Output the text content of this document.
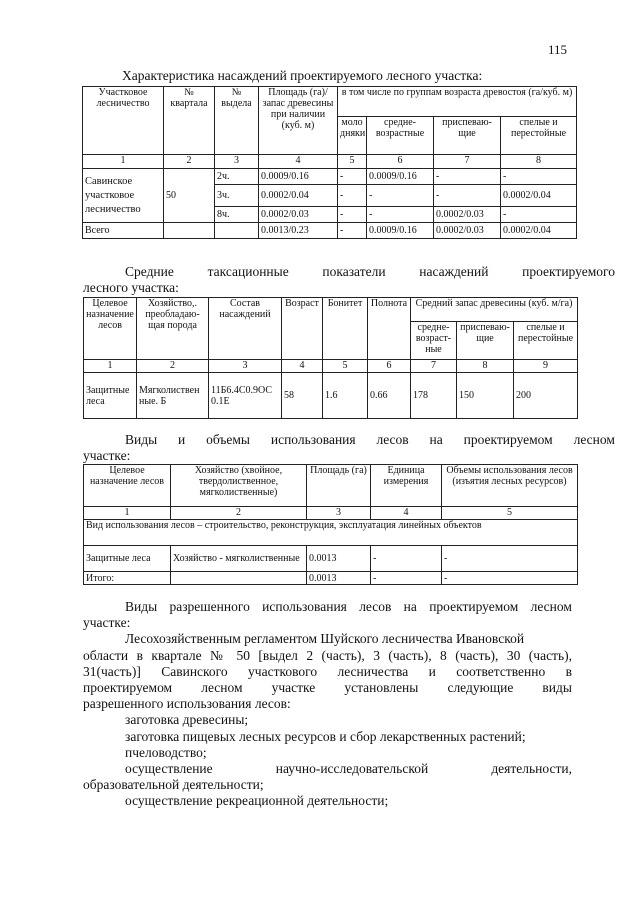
115
Характеристика насаждений проектируемого лесного участка:
Участковое лесничество	№ квартала	№ выдела	Площадь (га)/ запас древесины при наличии (куб. м)	в том числе по группам возраста древостоя (га/куб. м)			
				моло дняки	средне-возрастные	приспеваю-щие	спелые и перестойные
1	2	3	4	5	6	7	8
Савинское участковое лесничество	50	2ч.	0.0009/0.16	-	0.0009/0.16	-	-
		3ч.	0.0002/0.04	-	-	-	0.0002/0.04
		8ч.	0.0002/0.03	-	-	0.0002/0.03	-
Всего			0.0013/0.23	-	0.0009/0.16	0.0002/0.03	0.0002/0.04
Средние таксационные показатели насаждений проектируемого
лесного участка:
Целевое назначение лесов	Хозяйство,. преобладаю-щая порода	Состав насаждений	Возраст	Бонитет	Полнота	Средний запас древесины (куб. м/га)		
						средне-возраст-ные	приспеваю-щие	спелые и перестойные
1	2	3	4	5	6	7	8	9
Защитные леса	Мягколиствен ные. Б	11Б6.4С0.9ОС 0.1Е	58	1.6	0.66	178	150	200
Виды и объемы использования лесов на проектируемом лесном
участке:
Целевое назначение лесов	Хозяйство (хвойное, твердолиственное, мягколиственные)	Площадь (га)	Единица измерения	Объемы использования лесов (изъятия лесных ресурсов)
1	2	3	4	5
Вид использования лесов – строительство, реконструкция, эксплуатация линейных объектов				
Защитные леса	Хозяйство - мягколиственные	0.0013	-	-
Итого:		0.0013	-	-

Виды разрешенного использования лесов на проектируемом лесном

участке:

Лесохозяйственным регламентом Шуйского лесничества Ивановской

области в квартале № 50 [выдел 2 (часть), 3 (часть), 8 (часть), 30 (часть),

31(часть)] Савинского участкового лесничества и соответственно в

проектируемом лесном участке установлены следующие виды

разрешенного использования лесов:

заготовка древесины;

заготовка пищевых лесных ресурсов и сбор лекарственных растений;

пчеловодство;

осуществление	научно-исследовательской	деятельности,

образовательной деятельности;

осуществление рекреационной деятельности;
